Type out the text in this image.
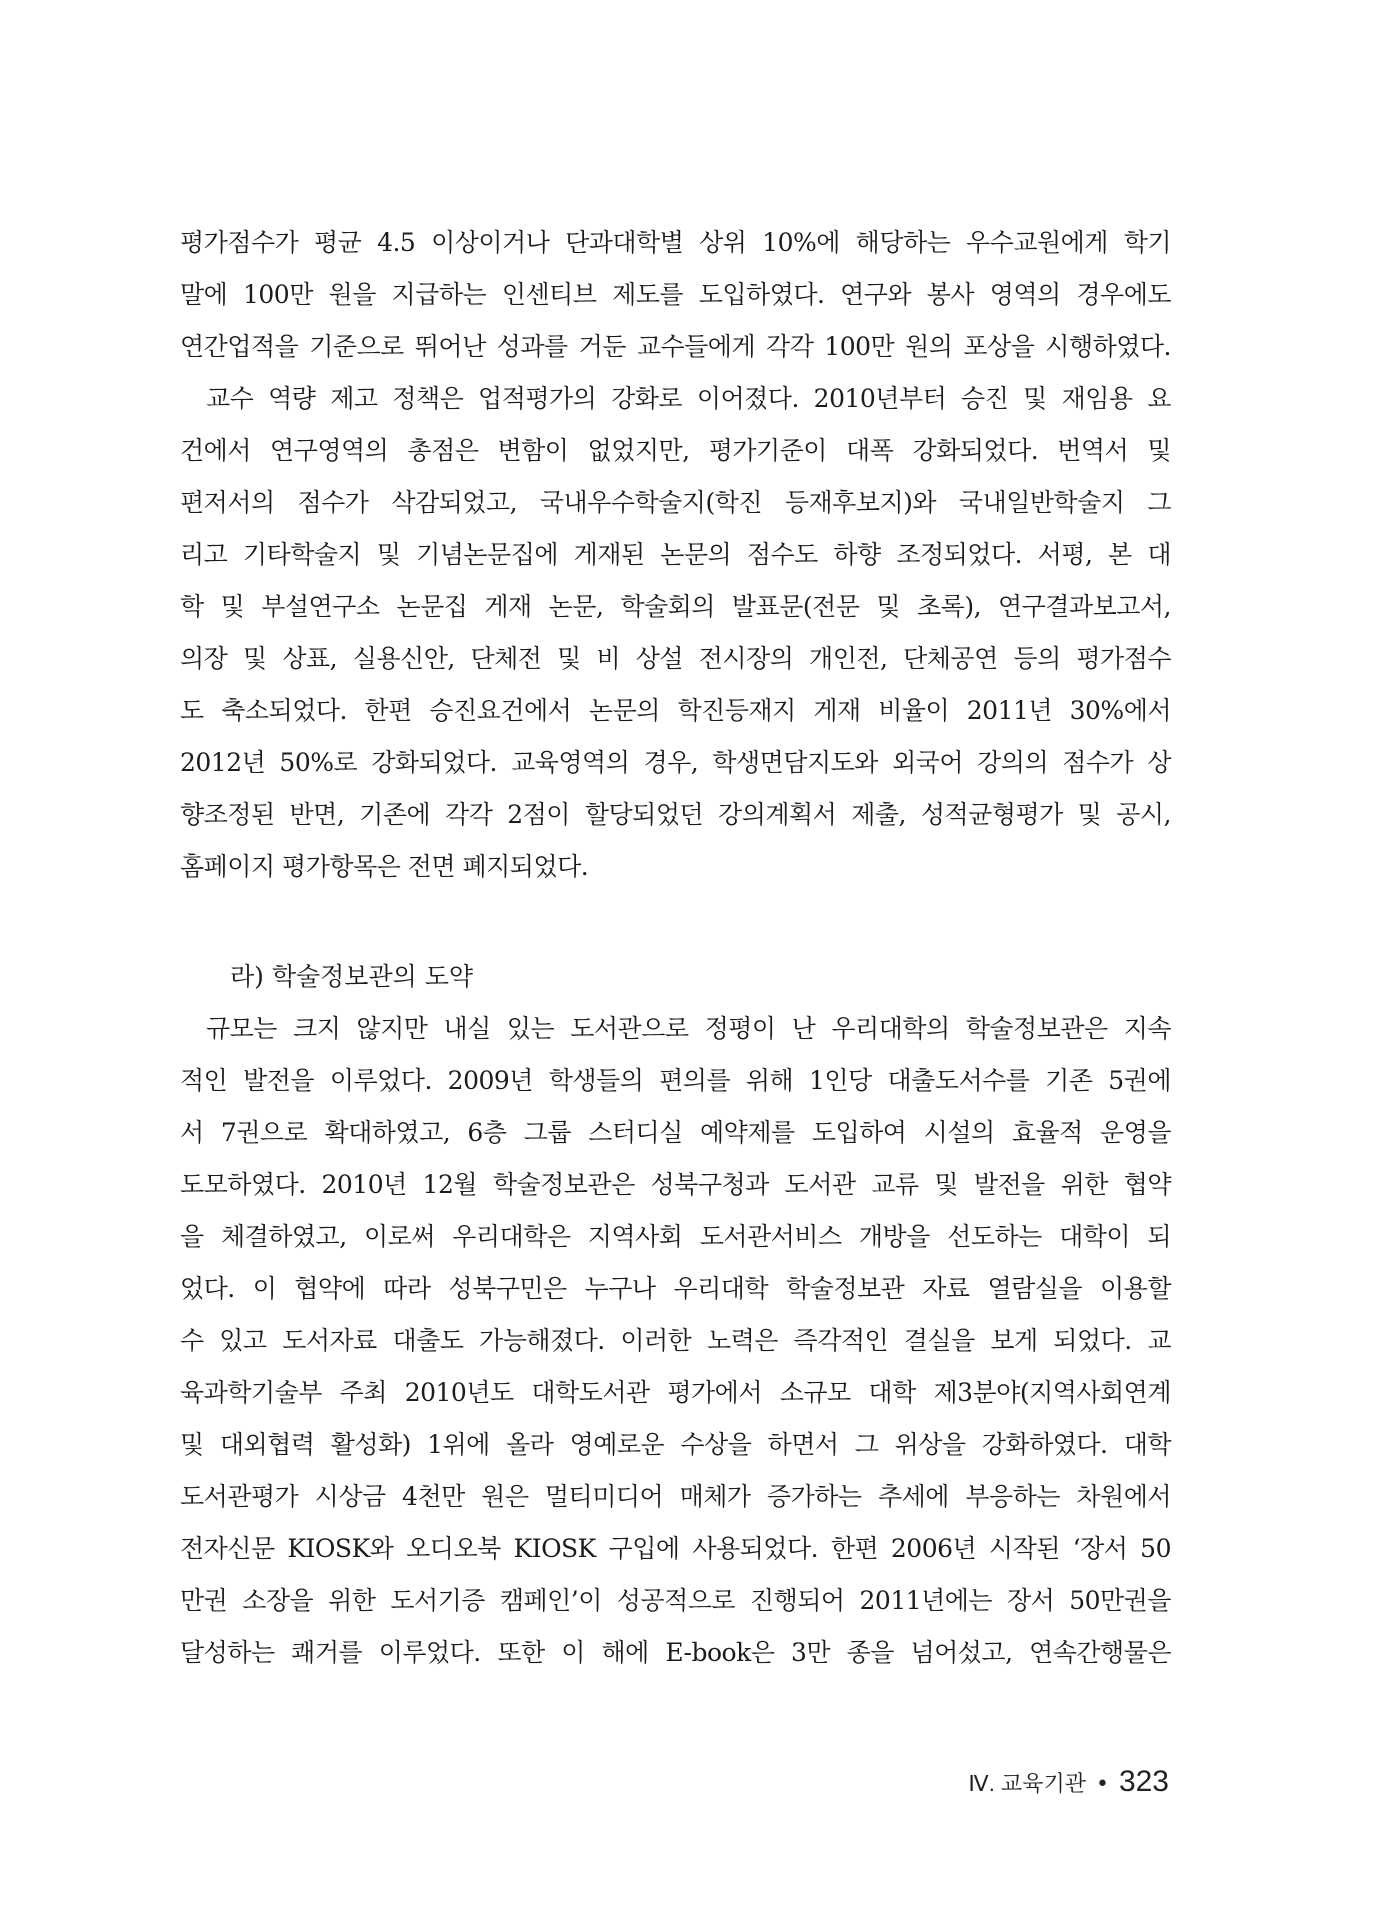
평가점수가 평균 4.5 이상이거나 단과대학별 상위 10%에 해당하는 우수교원에게 학기
말에 100만 원을 지급하는 인센티브 제도를 도입하였다. 연구와 봉사 영역의 경우에도
연간업적을 기준으로 뛰어난 성과를 거둔 교수들에게 각각 100만 원의 포상을 시행하였다.
교수 역량 제고 정책은 업적평가의 강화로 이어졌다. 2010년부터 승진 및 재임용 요
건에서 연구영역의 총점은 변함이 없었지만, 평가기준이 대폭 강화되었다. 번역서 및
편저서의 점수가 삭감되었고, 국내우수학술지(학진 등재후보지)와 국내일반학술지 그
리고 기타학술지 및 기념논문집에 게재된 논문의 점수도 하향 조정되었다. 서평, 본 대
학 및 부설연구소 논문집 게재 논문, 학술회의 발표문(전문 및 초록), 연구결과보고서,
의장 및 상표, 실용신안, 단체전 및 비 상설 전시장의 개인전, 단체공연 등의 평가점수
도 축소되었다. 한편 승진요건에서 논문의 학진등재지 게재 비율이 2011년 30%에서
2012년 50%로 강화되었다. 교육영역의 경우, 학생면담지도와 외국어 강의의 점수가 상
향조정된 반면, 기존에 각각 2점이 할당되었던 강의계획서 제출, 성적균형평가 및 공시,
홈페이지 평가항목은 전면 폐지되었다.
라) 학술정보관의 도약
규모는 크지 않지만 내실 있는 도서관으로 정평이 난 우리대학의 학술정보관은 지속
적인 발전을 이루었다. 2009년 학생들의 편의를 위해 1인당 대출도서수를 기존 5권에
서 7권으로 확대하였고, 6층 그룹 스터디실 예약제를 도입하여 시설의 효율적 운영을
도모하였다. 2010년 12월 학술정보관은 성북구청과 도서관 교류 및 발전을 위한 협약
을 체결하였고, 이로써 우리대학은 지역사회 도서관서비스 개방을 선도하는 대학이 되
었다. 이 협약에 따라 성북구민은 누구나 우리대학 학술정보관 자료 열람실을 이용할
수 있고 도서자료 대출도 가능해졌다. 이러한 노력은 즉각적인 결실을 보게 되었다. 교
육과학기술부 주최 2010년도 대학도서관 평가에서 소규모 대학 제3분야(지역사회연계
및 대외협력 활성화) 1위에 올라 영예로운 수상을 하면서 그 위상을 강화하였다. 대학
도서관평가 시상금 4천만 원은 멀티미디어 매체가 증가하는 추세에 부응하는 차원에서
전자신문 KIOSK와 오디오북 KIOSK 구입에 사용되었다. 한편 2006년 시작된 ‘장서 50
만권 소장을 위한 도서기증 캠페인’이 성공적으로 진행되어 2011년에는 장서 50만권을
달성하는 쾌거를 이루었다. 또한 이 해에 E-book은 3만 종을 넘어섰고, 연속간행물은
Ⅳ. 교육기관 • 323
